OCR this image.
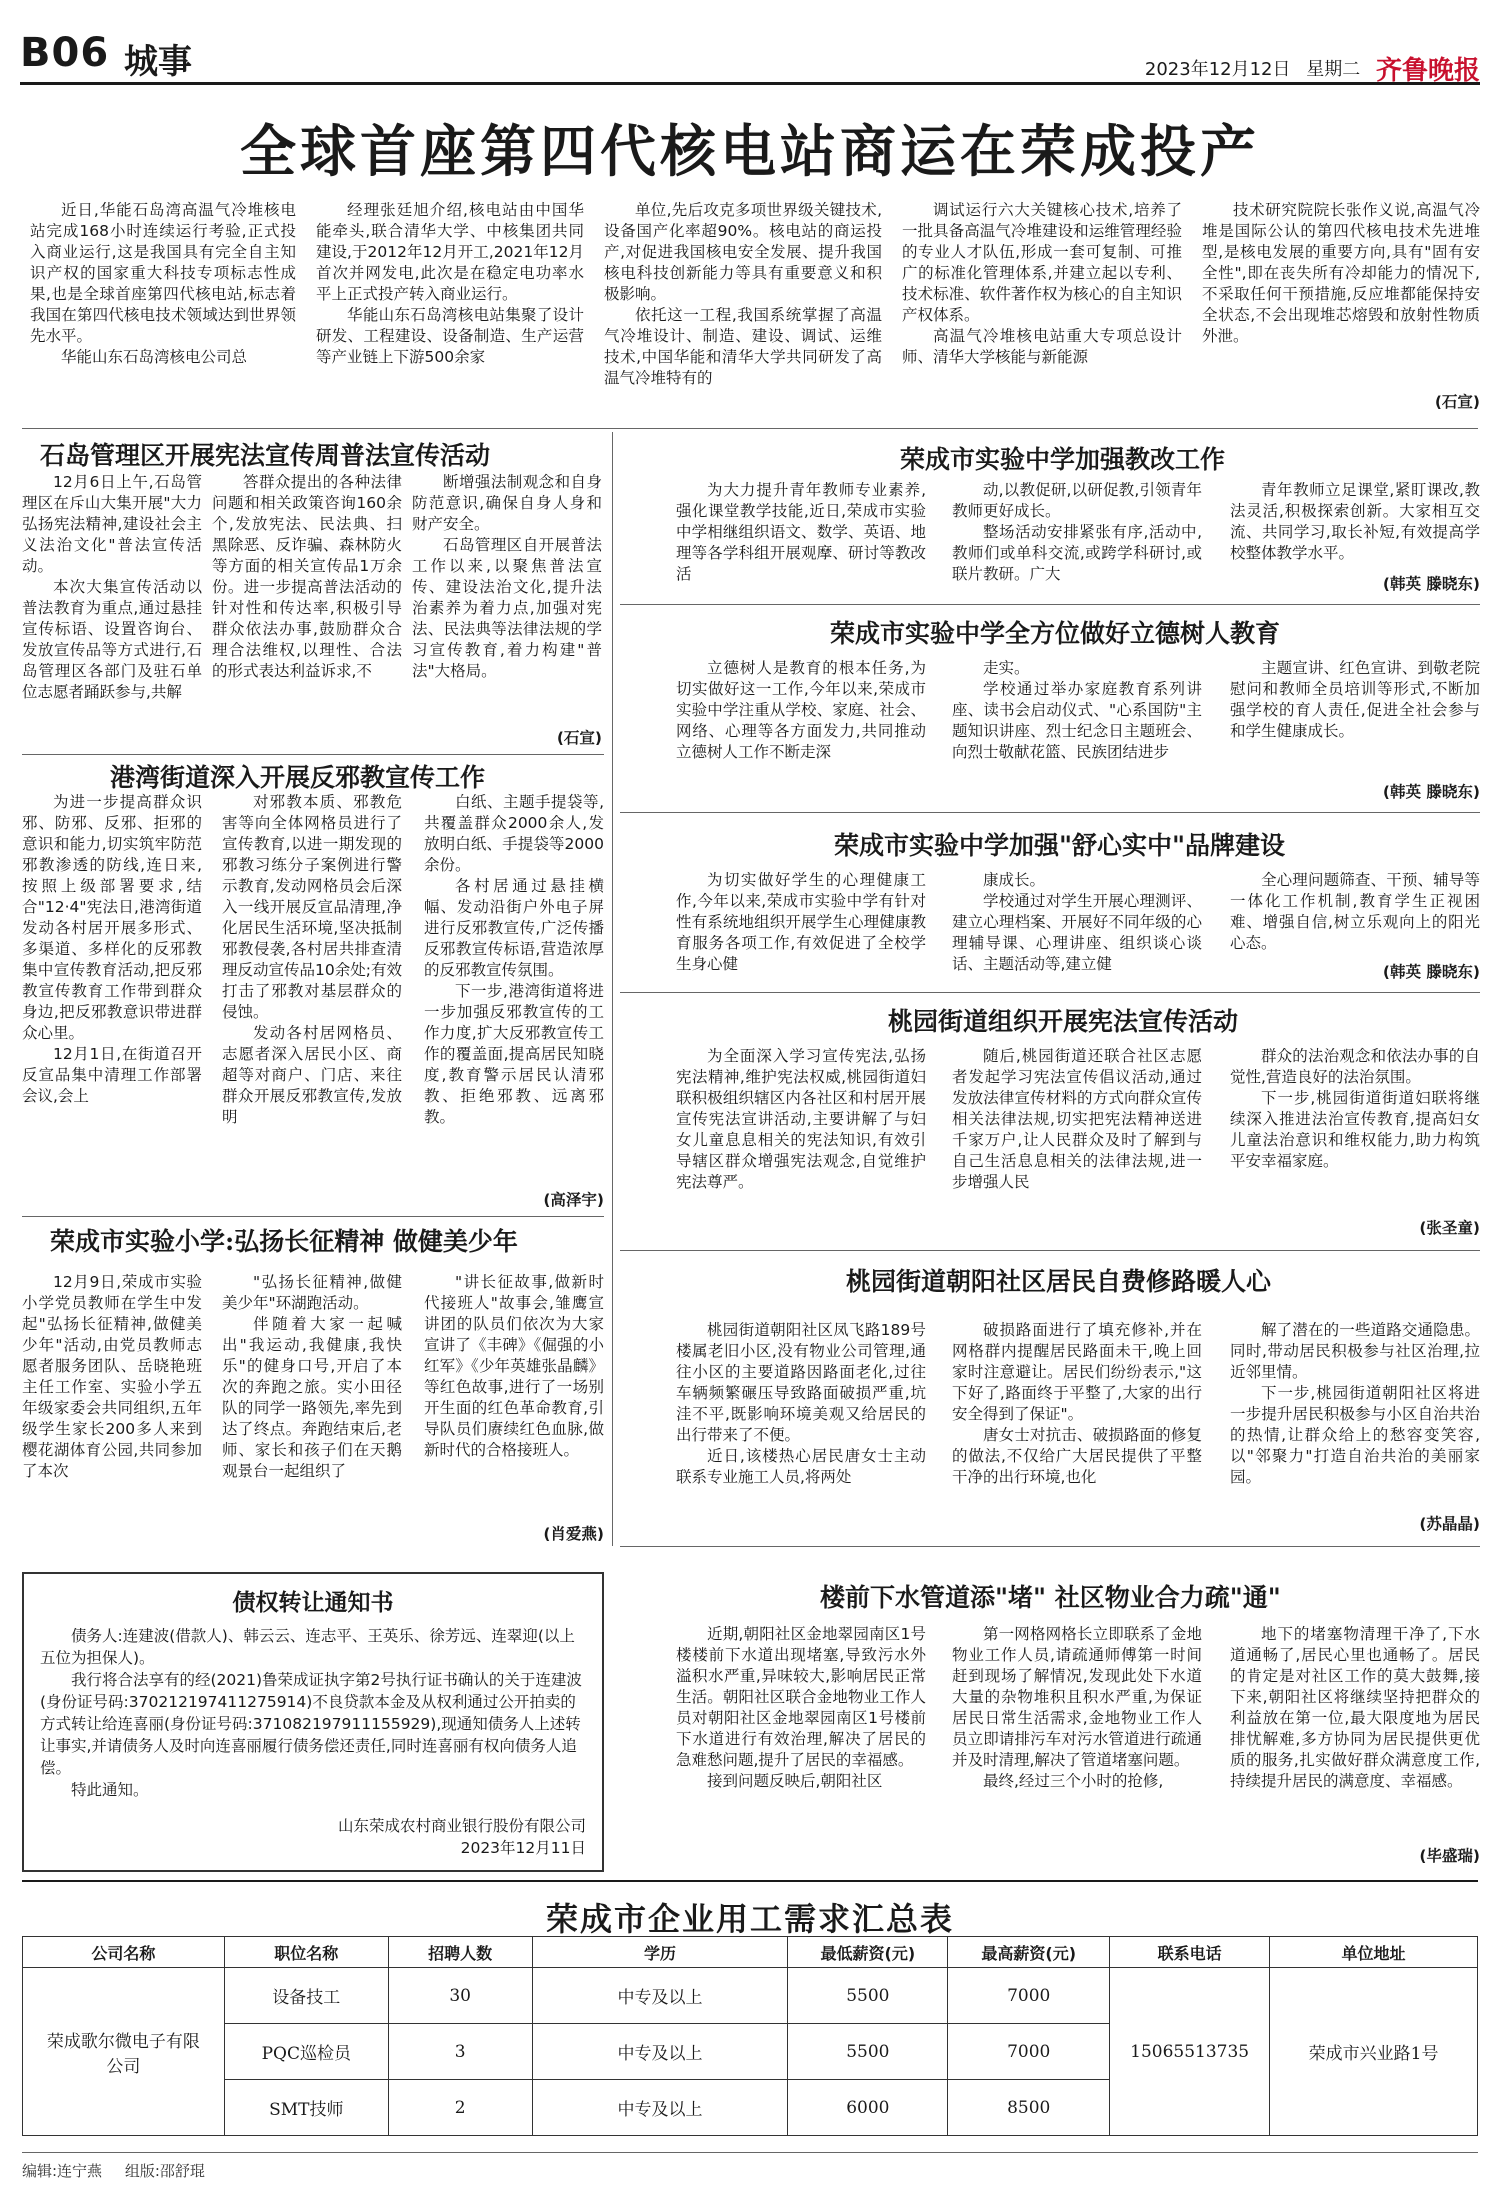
B06 城事	2023年12月12日 星期二 齐鲁晚报
全球首座第四代核电站商运在荣成投产

近日,华能石岛湾高温气冷堆核电站完成168小时连续运行考验,正式投入商业运行,这是我国具有完全自主知识产权的国家重大科技专项标志性成果,也是全球首座第四代核电站,标志着我国在第四代核电技术领域达到世界领先水平。

华能山东石岛湾核电公司总

经理张廷旭介绍,核电站由中国华能牵头,联合清华大学、中核集团共同建设,于2012年12月开工,2021年12月首次并网发电,此次是在稳定电功率水平上正式投产转入商业运行。

华能山东石岛湾核电站集聚了设计研发、工程建设、设备制造、生产运营等产业链上下游500余家

单位,先后攻克多项世界级关键技术,设备国产化率超90%。核电站的商运投产,对促进我国核电安全发展、提升我国核电科技创新能力等具有重要意义和积极影响。

依托这一工程,我国系统掌握了高温气冷堆设计、制造、建设、调试、运维技术,中国华能和清华大学共同研发了高温气冷堆特有的

调试运行六大关键核心技术,培养了一批具备高温气冷堆建设和运维管理经验的专业人才队伍,形成一套可复制、可推广的标准化管理体系,并建立起以专利、技术标准、软件著作权为核心的自主知识产权体系。

高温气冷堆核电站重大专项总设计师、清华大学核能与新能源

技术研究院院长张作义说,高温气冷堆是国际公认的第四代核电技术先进堆型,是核电发展的重要方向,具有"固有安全性",即在丧失所有冷却能力的情况下,不采取任何干预措施,反应堆都能保持安全状态,不会出现堆芯熔毁和放射性物质外泄。

(石宣)
石岛管理区开展宪法宣传周普法宣传活动

12月6日上午,石岛管理区在斥山大集开展"大力弘扬宪法精神,建设社会主义法治文化"普法宣传活动。

本次大集宣传活动以普法教育为重点,通过悬挂宣传标语、设置咨询台、发放宣传品等方式进行,石岛管理区各部门及驻石单位志愿者踊跃参与,共解

答群众提出的各种法律问题和相关政策咨询160余个,发放宪法、民法典、扫黑除恶、反诈骗、森林防火等方面的相关宣传品1万余份。进一步提高普法活动的针对性和传达率,积极引导群众依法办事,鼓励群众合理合法维权,以理性、合法的形式表达利益诉求,不

断增强法制观念和自身防范意识,确保自身人身和财产安全。

石岛管理区自开展普法工作以来,以聚焦普法宣传、建设法治文化,提升法治素养为着力点,加强对宪法、民法典等法律法规的学习宣传教育,着力构建"普法"大格局。

(石宣)
港湾街道深入开展反邪教宣传工作

为进一步提高群众识邪、防邪、反邪、拒邪的意识和能力,切实筑牢防范邪教渗透的防线,连日来,按照上级部署要求,结合"12·4"宪法日,港湾街道发动各村居开展多形式、多渠道、多样化的反邪教集中宣传教育活动,把反邪教宣传教育工作带到群众身边,把反邪教意识带进群众心里。

12月1日,在街道召开反宣品集中清理工作部署会议,会上

对邪教本质、邪教危害等向全体网格员进行了宣传教育,以进一期发现的邪教习练分子案例进行警示教育,发动网格员会后深入一线开展反宣品清理,净化居民生活环境,坚决抵制邪教侵袭,各村居共排查清理反动宣传品10余处;有效打击了邪教对基层群众的侵蚀。

发动各村居网格员、志愿者深入居民小区、商超等对商户、门店、来往群众开展反邪教宣传,发放明

白纸、主题手提袋等,共覆盖群众2000余人,发放明白纸、手提袋等2000余份。

各村居通过悬挂横幅、发动沿街户外电子屏进行反邪教宣传,广泛传播反邪教宣传标语,营造浓厚的反邪教宣传氛围。

下一步,港湾街道将进一步加强反邪教宣传的工作力度,扩大反邪教宣传工作的覆盖面,提高居民知晓度,教育警示居民认清邪教、拒绝邪教、远离邪教。

(高泽宇)
荣成市实验小学:弘扬长征精神 做健美少年

12月9日,荣成市实验小学党员教师在学生中发起"弘扬长征精神,做健美少年"活动,由党员教师志愿者服务团队、岳晓艳班主任工作室、实验小学五年级家委会共同组织,五年级学生家长200多人来到樱花湖体育公园,共同参加了本次

"弘扬长征精神,做健美少年"环湖跑活动。

伴随着大家一起喊出"我运动,我健康,我快乐"的健身口号,开启了本次的奔跑之旅。实小田径队的同学一路领先,率先到达了终点。奔跑结束后,老师、家长和孩子们在天鹅观景台一起组织了

"讲长征故事,做新时代接班人"故事会,雏鹰宣讲团的队员们依次为大家宣讲了《丰碑》《倔强的小红军》《少年英雄张晶麟》等红色故事,进行了一场别开生面的红色革命教育,引导队员们赓续红色血脉,做新时代的合格接班人。

(肖爱燕)
荣成市实验中学加强教改工作

为大力提升青年教师专业素养,强化课堂教学技能,近日,荣成市实验中学相继组织语文、数学、英语、地理等各学科组开展观摩、研讨等教改活

动,以教促研,以研促教,引领青年教师更好成长。

整场活动安排紧张有序,活动中,教师们或单科交流,或跨学科研讨,或联片教研。广大

青年教师立足课堂,紧盯课改,教法灵活,积极探索创新。大家相互交流、共同学习,取长补短,有效提高学校整体教学水平。

(韩英 滕晓东)
荣成市实验中学全方位做好立德树人教育

立德树人是教育的根本任务,为切实做好这一工作,今年以来,荣成市实验中学注重从学校、家庭、社会、网络、心理等各方面发力,共同推动立德树人工作不断走深

走实。

学校通过举办家庭教育系列讲座、读书会启动仪式、"心系国防"主题知识讲座、烈士纪念日主题班会、向烈士敬献花篮、民族团结进步

主题宣讲、红色宣讲、到敬老院慰问和教师全员培训等形式,不断加强学校的育人责任,促进全社会参与和学生健康成长。

(韩英 滕晓东)
荣成市实验中学加强"舒心实中"品牌建设

为切实做好学生的心理健康工作,今年以来,荣成市实验中学有针对性有系统地组织开展学生心理健康教育服务各项工作,有效促进了全校学生身心健

康成长。

学校通过对学生开展心理测评、建立心理档案、开展好不同年级的心理辅导课、心理讲座、组织谈心谈话、主题活动等,建立健

全心理问题筛查、干预、辅导等一体化工作机制,教育学生正视困难、增强自信,树立乐观向上的阳光心态。

(韩英 滕晓东)
桃园街道组织开展宪法宣传活动

为全面深入学习宣传宪法,弘扬宪法精神,维护宪法权威,桃园街道妇联积极组织辖区内各社区和村居开展宣传宪法宣讲活动,主要讲解了与妇女儿童息息相关的宪法知识,有效引导辖区群众增强宪法观念,自觉维护宪法尊严。

随后,桃园街道还联合社区志愿者发起学习宪法宣传倡议活动,通过发放法律宣传材料的方式向群众宣传相关法律法规,切实把宪法精神送进千家万户,让人民群众及时了解到与自己生活息息相关的法律法规,进一步增强人民

群众的法治观念和依法办事的自觉性,营造良好的法治氛围。

下一步,桃园街道街道妇联将继续深入推进法治宣传教育,提高妇女儿童法治意识和维权能力,助力构筑平安幸福家庭。

(张圣童)
桃园街道朝阳社区居民自费修路暖人心

桃园街道朝阳社区凤飞路189号楼属老旧小区,没有物业公司管理,通往小区的主要道路因路面老化,过往车辆频繁碾压导致路面破损严重,坑洼不平,既影响环境美观又给居民的出行带来了不便。

近日,该楼热心居民唐女士主动联系专业施工人员,将两处

破损路面进行了填充修补,并在网格群内提醒居民路面未干,晚上回家时注意避让。居民们纷纷表示,"这下好了,路面终于平整了,大家的出行安全得到了保证"。

唐女士对抗击、破损路面的修复的做法,不仅给广大居民提供了平整干净的出行环境,也化

解了潜在的一些道路交通隐患。同时,带动居民积极参与社区治理,拉近邻里情。

下一步,桃园街道朝阳社区将进一步提升居民积极参与小区自治共治的热情,让群众给上的愁容变笑容,以"邻聚力"打造自治共治的美丽家园。

(苏晶晶)
债权转让通知书

债务人:连建波(借款人)、韩云云、连志平、王英乐、徐芳远、连翠迎(以上五位为担保人)。

我行将合法享有的经(2021)鲁荣成证执字第2号执行证书确认的关于连建波(身份证号码:370212197411275914)不良贷款本金及从权利通过公开拍卖的方式转让给连喜丽(身份证号码:371082197911155929),现通知债务人上述转让事实,并请债务人及时向连喜丽履行债务偿还责任,同时连喜丽有权向债务人追偿。

特此通知。

山东荣成农村商业银行股份有限公司
2023年12月11日
楼前下水管道添"堵" 社区物业合力疏"通"

近期,朝阳社区金地翠园南区1号楼楼前下水道出现堵塞,导致污水外溢积水严重,异味较大,影响居民正常生活。朝阳社区联合金地物业工作人员对朝阳社区金地翠园南区1号楼前下水道进行有效治理,解决了居民的急难愁问题,提升了居民的幸福感。

接到问题反映后,朝阳社区

第一网格网格长立即联系了金地物业工作人员,请疏通师傅第一时间赶到现场了解情况,发现此处下水道大量的杂物堆积且积水严重,为保证居民日常生活需求,金地物业工作人员立即请排污车对污水管道进行疏通并及时清理,解决了管道堵塞问题。

最终,经过三个小时的抢修,

地下的堵塞物清理干净了,下水道通畅了,居民心里也通畅了。居民的肯定是对社区工作的莫大鼓舞,接下来,朝阳社区将继续坚持把群众的利益放在第一位,最大限度地为居民排忧解难,多方协同为居民提供更优质的服务,扎实做好群众满意度工作,持续提升居民的满意度、幸福感。

(毕盛瑞)
荣成市企业用工需求汇总表
公司名称	职位名称	招聘人数	学历	最低薪资(元)	最高薪资(元)	联系电话	单位地址
荣成歌尔微电子有限公司	设备技工	30	中专及以上	5500	7000	15065513735	荣成市兴业路1号
	PQC巡检员	3	中专及以上	5500	7000		
	SMT技师	2	中专及以上	6000	8500		
编辑:连宁燕 组版:邵舒琨
